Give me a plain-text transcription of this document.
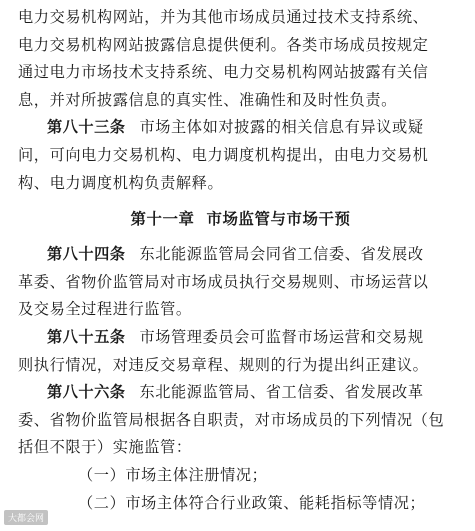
电力交易机构网站，并为其他市场成员通过技术支持系统、
电力交易机构网站披露信息提供便利。各类市场成员按规定
通过电力市场技术支持系统、电力交易机构网站披露有关信
息，并对所披露信息的真实性、准确性和及时性负责。

第八十三条 市场主体如对披露的相关信息有异议或疑
问，可向电力交易机构、电力调度机构提出，由电力交易机
构、电力调度机构负责解释。

第十一章 市场监管与市场干预

第八十四条 东北能源监管局会同省工信委、省发展改
革委、省物价监管局对市场成员执行交易规则、市场运营以
及交易全过程进行监管。

第八十五条 市场管理委员会可监督市场运营和交易规
则执行情况，对违反交易章程、规则的行为提出纠正建议。

第八十六条 东北能源监管局、省工信委、省发展改革
委、省物价监管局根据各自职责，对市场成员的下列情况（包
括但不限于）实施监管：

（一）市场主体注册情况；
（二）市场主体符合行业政策、能耗指标等情况；
大都会网
